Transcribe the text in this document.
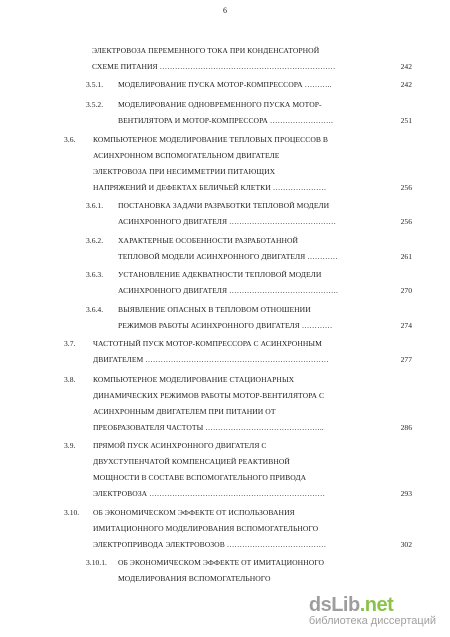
6
ЭЛЕКТРОВОЗА ПЕРЕМЕННОГО ТОКА ПРИ КОНДЕНСАТОРНОЙ
СХЕМЕ ПИТАНИЯ ……………………………………………………………	242
3.5.1. МОДЕЛИРОВАНИЕ ПУСКА МОТОР-КОМПРЕССОРА ………..	242
3.5.2. МОДЕЛИРОВАНИЕ ОДНОВРЕМЕННОГО ПУСКА МОТОР-
ВЕНТИЛЯТОРА И МОТОР-КОМПРЕССОРА …………………….	251
3.6. КОМПЬЮТЕРНОЕ МОДЕЛИРОВАНИЕ ТЕПЛОВЫХ ПРОЦЕССОВ В
АСИНХРОННОМ ВСПОМОГАТЕЛЬНОМ ДВИГАТЕЛЕ
ЭЛЕКТРОВОЗА ПРИ НЕСИММЕТРИИ ПИТАЮЩИХ
НАПРЯЖЕНИЙ И ДЕФЕКТАХ БЕЛИЧЬЕЙ КЛЕТКИ …………………	256
3.6.1. ПОСТАНОВКА ЗАДАЧИ РАЗРАБОТКИ ТЕПЛОВОЙ МОДЕЛИ
АСИНХРОННОГО ДВИГАТЕЛЯ ……………………………………	256
3.6.2. ХАРАКТЕРНЫЕ ОСОБЕННОСТИ РАЗРАБОТАННОЙ
ТЕПЛОВОЙ МОДЕЛИ АСИНХРОННОГО ДВИГАТЕЛЯ …………	261
3.6.3. УСТАНОВЛЕНИЕ АДЕКВАТНОСТИ ТЕПЛОВОЙ МОДЕЛИ
АСИНХРОННОГО ДВИГАТЕЛЯ …………………………………….	270
3.6.4. ВЫЯВЛЕНИЕ ОПАСНЫХ В ТЕПЛОВОМ ОТНОШЕНИИ
РЕЖИМОВ РАБОТЫ АСИНХРОННОГО ДВИГАТЕЛЯ …………	274
3.7. ЧАСТОТНЫЙ ПУСК МОТОР-КОМПРЕССОРА С АСИНХРОННЫМ
ДВИГАТЕЛЕМ ………………………………………………………………	277
3.8. КОМПЬЮТЕРНОЕ МОДЕЛИРОВАНИЕ СТАЦИОНАРНЫХ
ДИНАМИЧЕСКИХ РЕЖИМОВ РАБОТЫ МОТОР-ВЕНТИЛЯТОРА С
АСИНХРОННЫМ ДВИГАТЕЛЕМ ПРИ ПИТАНИИ ОТ
ПРЕОБРАЗОВАТЕЛЯ ЧАСТОТЫ ………………………………………..	286
3.9. ПРЯМОЙ ПУСК АСИНХРОННОГО ДВИГАТЕЛЯ С
ДВУХСТУПЕНЧАТОЙ КОМПЕНСАЦИЕЙ РЕАКТИВНОЙ
МОЩНОСТИ В СОСТАВЕ ВСПОМОГАТЕЛЬНОГО ПРИВОДА
ЭЛЕКТРОВОЗА ……………………………………………………………	293
3.10. ОБ ЭКОНОМИЧЕСКОМ ЭФФЕКТЕ ОТ ИСПОЛЬЗОВАНИЯ
ИМИТАЦИОННОГО МОДЕЛИРОВАНИЯ ВСПОМОГАТЕЛЬНОГО
ЭЛЕКТРОПРИВОДА ЭЛЕКТРОВОЗОВ …………………………………	302
3.10.1. ОБ ЭКОНОМИЧЕСКОМ ЭФФЕКТЕ ОТ ИМИТАЦИОННОГО
МОДЕЛИРОВАНИЯ ВСПОМОГАТЕЛЬНОГО
dsLib.net
библиотека диссертаций
